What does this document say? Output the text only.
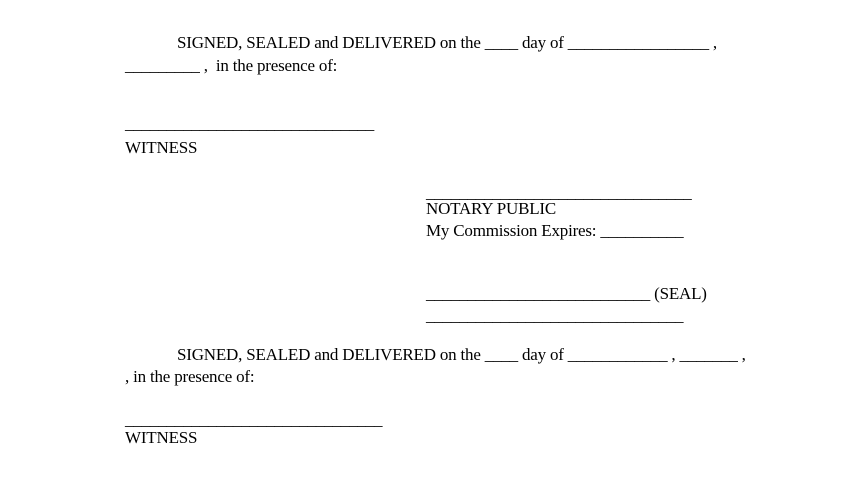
SIGNED, SEALED and DELIVERED on the ____ day of _________________ ,
_________ ,  in the presence of:
______________________________
WITNESS
________________________________
NOTARY PUBLIC
My Commission Expires: __________
___________________________ (SEAL)
_______________________________
SIGNED, SEALED and DELIVERED on the ____ day of ____________ , _______ ,
, in the presence of:
_______________________________
WITNESS
